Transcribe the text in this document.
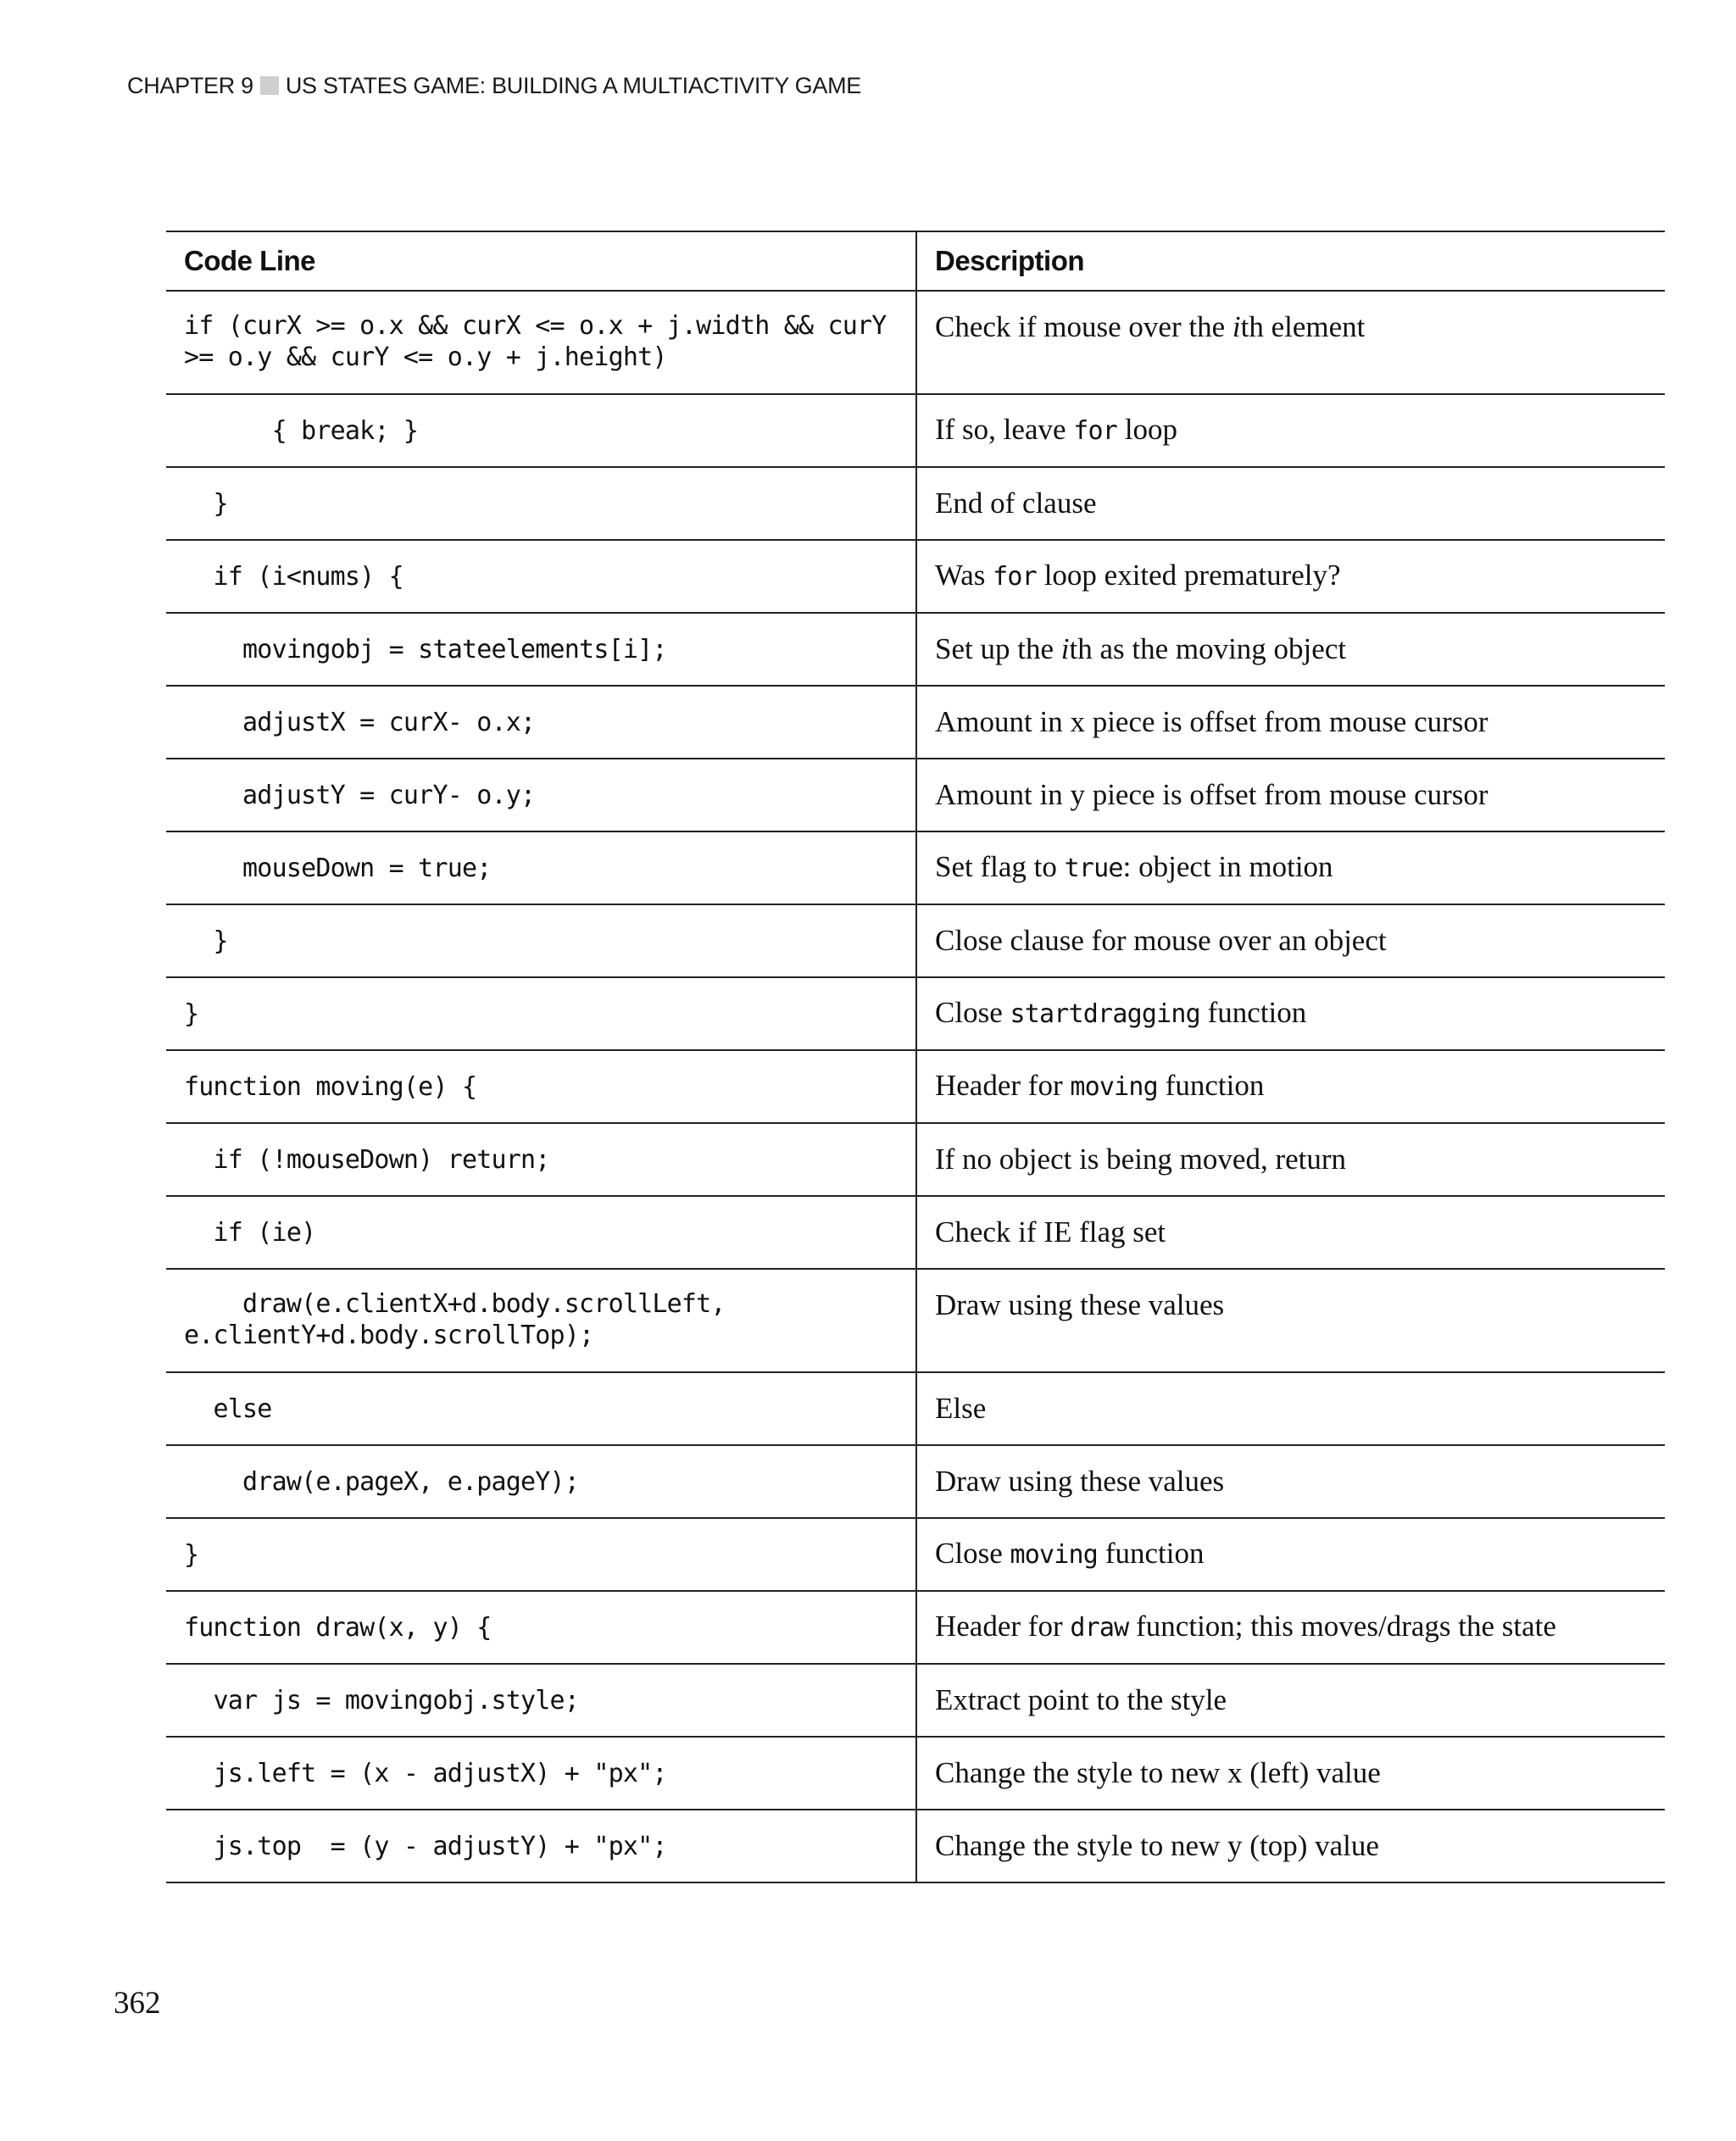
CHAPTER 9 US STATES GAME: BUILDING A MULTIACTIVITY GAME
Code Line	Description

if (curX >= o.x && curX <= o.x + j.width && curY
>= o.y && curY <= o.y + j.height)	Check if mouse over the ith element

{ break; }	If so, leave for loop

}	End of clause

if (i<nums) {	Was for loop exited prematurely?

movingobj = stateelements[i];	Set up the ith as the moving object

adjustX = curX- o.x;	Amount in x piece is offset from mouse cursor

adjustY = curY- o.y;	Amount in y piece is offset from mouse cursor

mouseDown = true;	Set flag to true: object in motion

}	Close clause for mouse over an object

}	Close startdragging function

function moving(e) {	Header for moving function

if (!mouseDown) return;	If no object is being moved, return

if (ie)	Check if IE flag set

draw(e.clientX+d.body.scrollLeft,
e.clientY+d.body.scrollTop);	Draw using these values

else	Else

draw(e.pageX, e.pageY);	Draw using these values

}	Close moving function

function draw(x, y) {	Header for draw function; this moves/drags the state

var js = movingobj.style;	Extract point to the style

js.left = (x - adjustX) + "px";	Change the style to new x (left) value

js.top  = (y - adjustY) + "px";	Change the style to new y (top) value
362
